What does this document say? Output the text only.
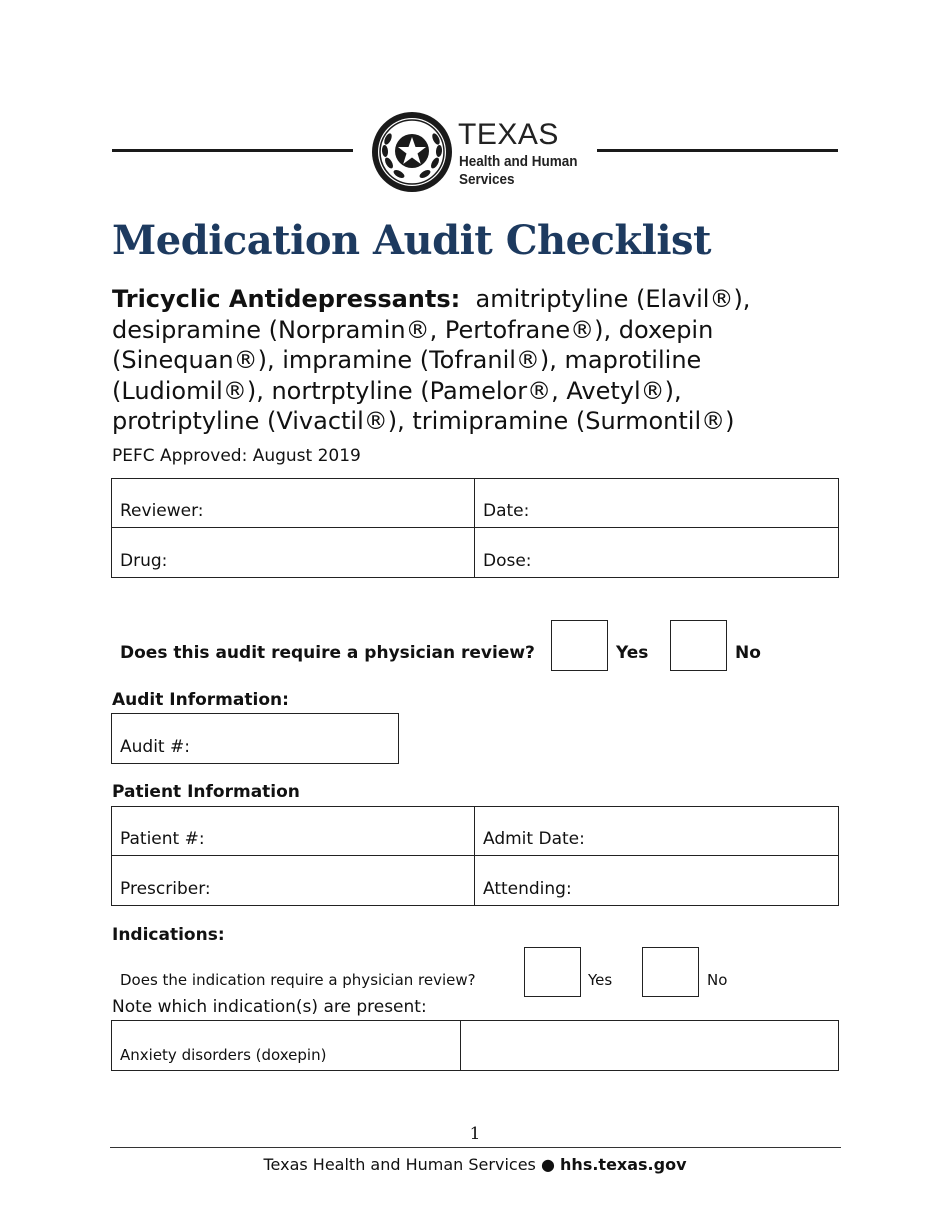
TEXAS
Health and Human
Services
Medication Audit Checklist
Tricyclic Antidepressants: amitriptyline (Elavil®), desipramine (Norpramin®, Pertofrane®), doxepin (Sinequan®), impramine (Tofranil®), maprotiline (Ludiomil®), nortrptyline (Pamelor®, Avetyl®), protriptyline (Vivactil®), trimipramine (Surmontil®)
PEFC Approved: August 2019
Reviewer:	Date:
Drug:	Dose:
Does this audit require a physician review?	Yes	No
Audit Information:
Audit #:
Patient Information
Patient #:	Admit Date:
Prescriber:	Attending:
Indications:
Does the indication require a physician review?	Yes	No
Note which indication(s) are present:
Anxiety disorders (doxepin)
1
Texas Health and Human Services ● hhs.texas.gov
